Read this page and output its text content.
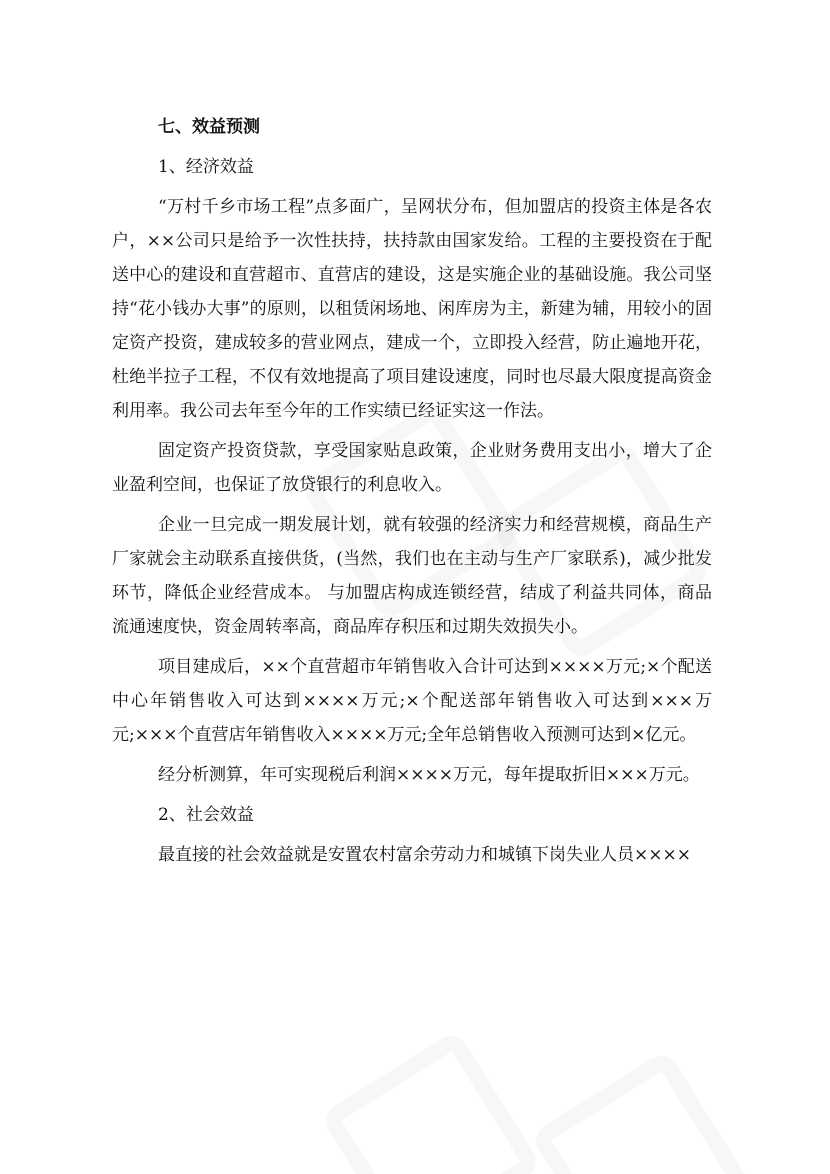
七、效益预测
1、经济效益

“万村千乡市场工程”点多面广，呈网状分布，但加盟店的投资主体是各农户，××公司只是给予一次性扶持，扶持款由国家发给。工程的主要投资在于配送中心的建设和直营超市、直营店的建设，这是实施企业的基础设施。我公司坚持“花小钱办大事”的原则，以租赁闲场地、闲库房为主，新建为辅，用较小的固定资产投资，建成较多的营业网点，建成一个，立即投入经营，防止遍地开花，杜绝半拉子工程，不仅有效地提高了项目建设速度，同时也尽最大限度提高资金利用率。我公司去年至今年的工作实绩已经证实这一作法。

固定资产投资贷款，享受国家贴息政策，企业财务费用支出小，增大了企业盈利空间，也保证了放贷银行的利息收入。

企业一旦完成一期发展计划，就有较强的经济实力和经营规模，商品生产厂家就会主动联系直接供货，(当然，我们也在主动与生产厂家联系)，减少批发环节，降低企业经营成本。 与加盟店构成连锁经营，结成了利益共同体，商品流通速度快，资金周转率高，商品库存积压和过期失效损失小。

项目建成后，××个直营超市年销售收入合计可达到××××万元;×个配送中心年销售收入可达到××××万元;×个配送部年销售收入可达到×××万元;×××个直营店年销售收入××××万元;全年总销售收入预测可达到×亿元。

经分析测算，年可实现税后利润××××万元，每年提取折旧×××万元。

2、社会效益

最直接的社会效益就是安置农村富余劳动力和城镇下岗失业人员××××
